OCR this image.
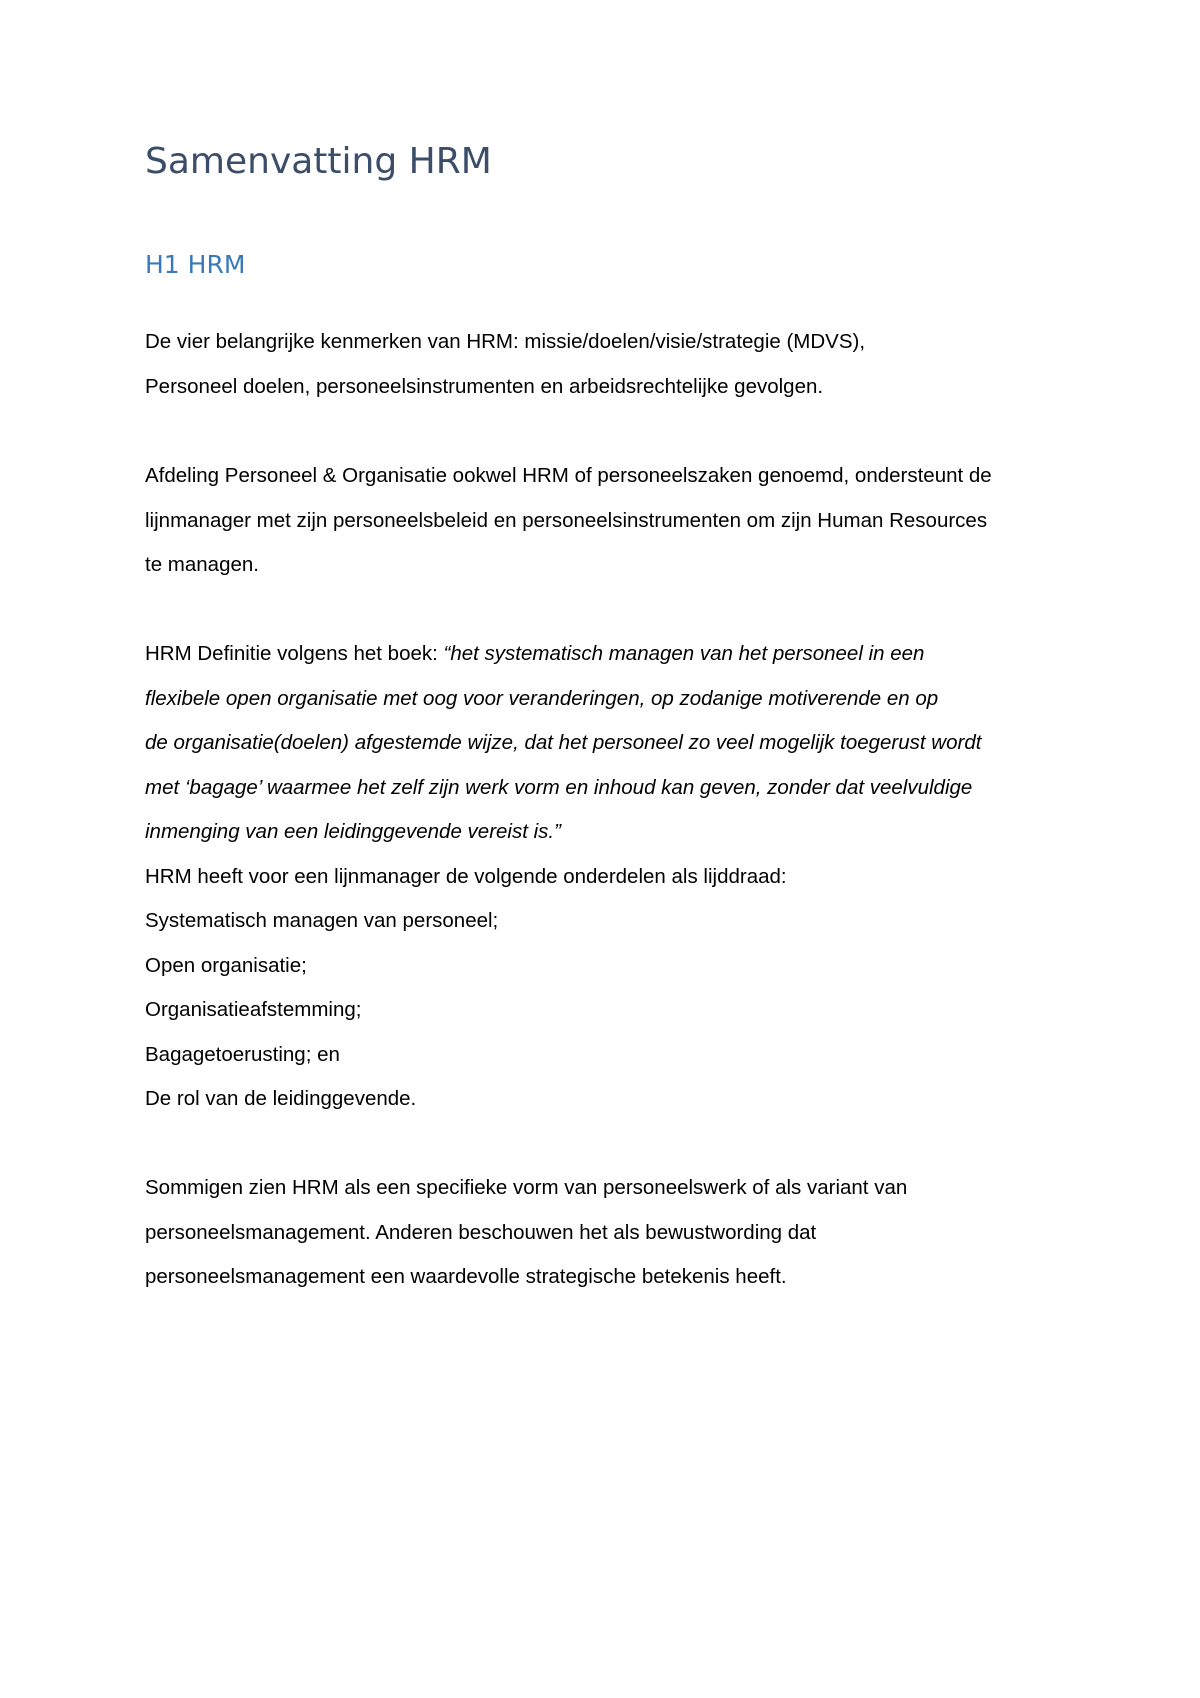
Samenvatting HRM
H1 HRM
De vier belangrijke kenmerken van HRM: missie/doelen/visie/strategie (MDVS),
Personeel doelen, personeelsinstrumenten en arbeidsrechtelijke gevolgen.
Afdeling Personeel & Organisatie ookwel HRM of personeelszaken genoemd, ondersteunt de
lijnmanager met zijn personeelsbeleid en personeelsinstrumenten om zijn Human Resources
te managen.
HRM Definitie volgens het boek: “het systematisch managen van het personeel in een
flexibele open organisatie met oog voor veranderingen, op zodanige motiverende en op
de organisatie(doelen) afgestemde wijze, dat het personeel zo veel mogelijk toegerust wordt
met ‘bagage’ waarmee het zelf zijn werk vorm en inhoud kan geven, zonder dat veelvuldige
inmenging van een leidinggevende vereist is.”
HRM heeft voor een lijnmanager de volgende onderdelen als lijddraad:
Systematisch managen van personeel;
Open organisatie;
Organisatieafstemming;
Bagagetoerusting; en
De rol van de leidinggevende.
Sommigen zien HRM als een specifieke vorm van personeelswerk of als variant van
personeelsmanagement. Anderen beschouwen het als bewustwording dat
personeelsmanagement een waardevolle strategische betekenis heeft.
